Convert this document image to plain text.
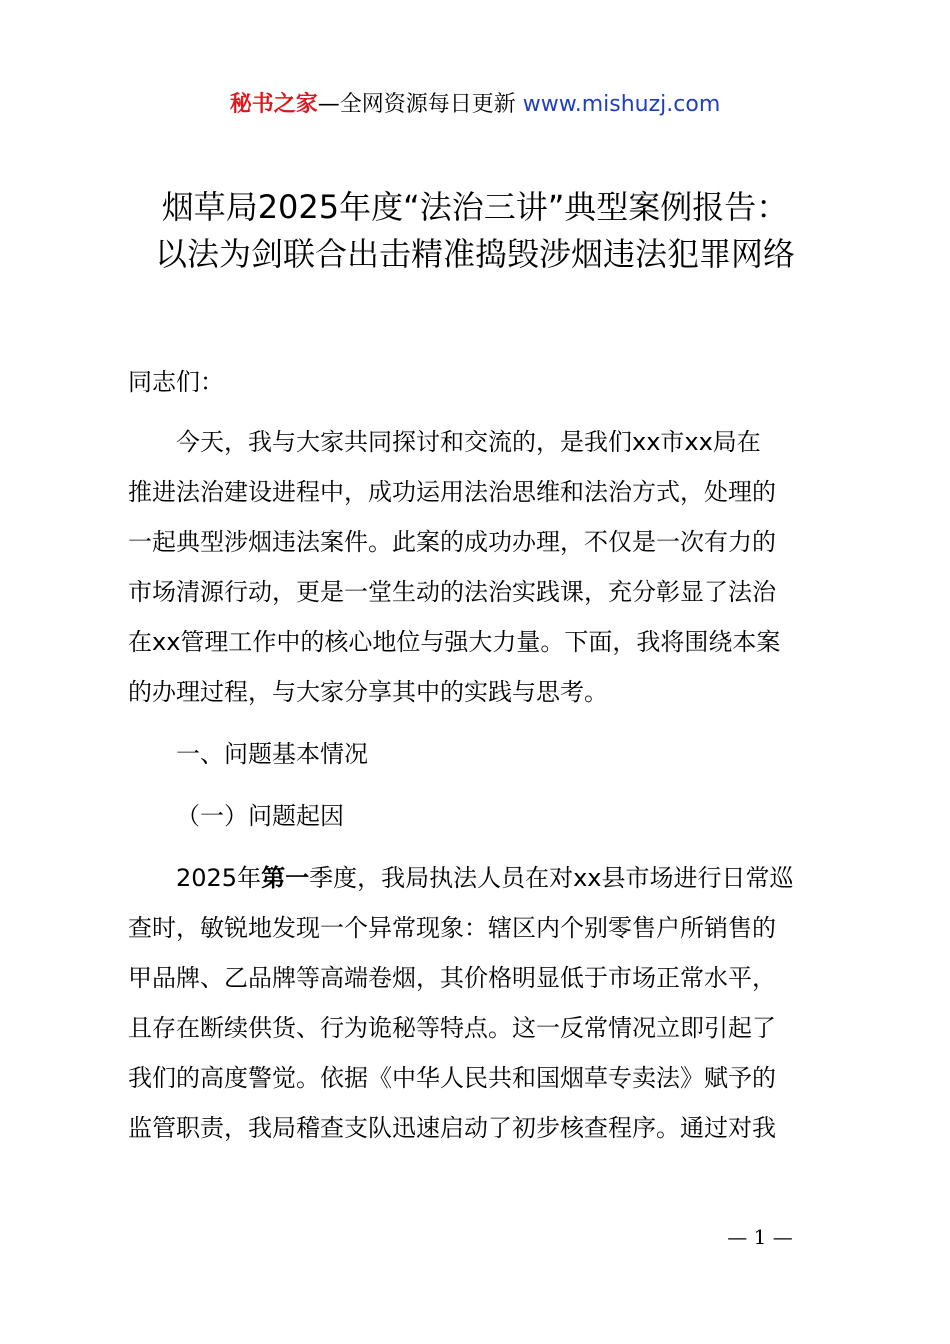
秘书之家—全网资源每日更新 www.mishuzj.com
烟草局2025年度“法治三讲”典型案例报告：
以法为剑联合出击精准捣毁涉烟违法犯罪网络
同志们：
今天，我与大家共同探讨和交流的，是我们xx市xx局在
推进法治建设进程中，成功运用法治思维和法治方式，处理的
一起典型涉烟违法案件。此案的成功办理，不仅是一次有力的
市场清源行动，更是一堂生动的法治实践课，充分彰显了法治
在xx管理工作中的核心地位与强大力量。下面，我将围绕本案
的办理过程，与大家分享其中的实践与思考。
一、问题基本情况
（一）问题起因
2025年第一季度，我局执法人员在对xx县市场进行日常巡
查时，敏锐地发现一个异常现象：辖区内个别零售户所销售的
甲品牌、乙品牌等高端卷烟，其价格明显低于市场正常水平，
且存在断续供货、行为诡秘等特点。这一反常情况立即引起了
我们的高度警觉。依据《中华人民共和国烟草专卖法》赋予的
监管职责，我局稽查支队迅速启动了初步核查程序。通过对我
— 1 —
